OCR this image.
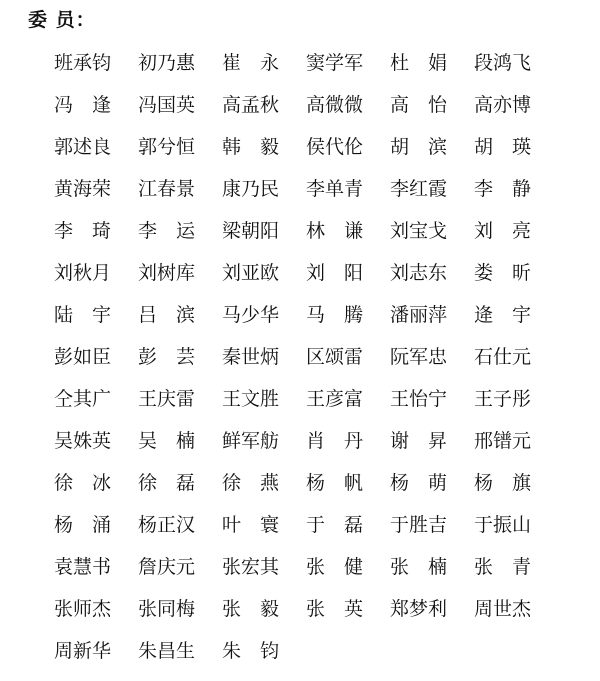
委 员：
班承钧	初乃惠	崔　永	窦学军	杜　娟	段鸿飞
冯　逢	冯国英	高孟秋	高微微	高　怡	高亦博
郭述良	郭兮恒	韩　毅	侯代伦	胡　滨	胡　瑛
黄海荣	江春景	康乃民	李单青	李红霞	李　静
李　琦	李　运	梁朝阳	林　谦	刘宝戈	刘　亮
刘秋月	刘树库	刘亚欧	刘　阳	刘志东	娄　昕
陆　宇	吕　滨	马少华	马　腾	潘丽萍	逄　宇
彭如臣	彭　芸	秦世炳	区颂雷	阮军忠	石仕元
仝其广	王庆雷	王文胜	王彦富	王怡宁	王子彤
吴姝英	吴　楠	鲜军舫	肖　丹	谢　昇	邢镨元
徐　冰	徐　磊	徐　燕	杨　帆	杨　萌	杨　旗
杨　涌	杨正汉	叶　寰	于　磊	于胜吉	于振山
袁慧书	詹庆元	张宏其	张　健	张　楠	张　青
张师杰	张同梅	张　毅	张　英	郑梦利	周世杰
周新华	朱昌生	朱　钧
